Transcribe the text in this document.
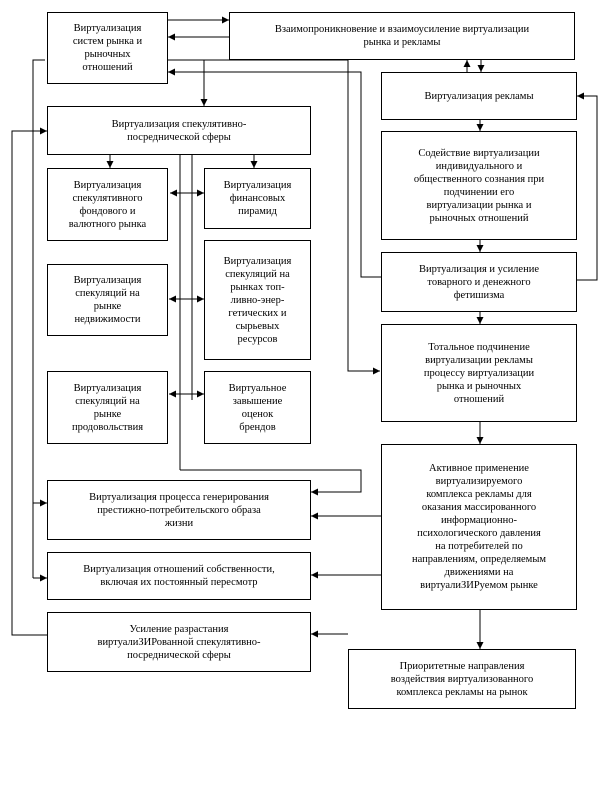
Виртуализация
систем рынка и
рыночных
отношений
Взаимопроникновение и взаимоусиление виртуализации
рынка и рекламы
Виртуализация рекламы
Содействие виртуализации
индивидуального и
общественного сознания при
подчинении его
виртуализации рынка и
рыночных отношений
Виртуализация и усиление
товарного и денежного
фетишизма
Тотальное подчинение
виртуализации рекламы
процессу виртуализации
рынка и рыночных
отношений
Активное применение
виртуализируемого
комплекса рекламы для
оказания массированного
информационно-
психологического давления
на потребителей по
направлениям, определяемым
движениями на
виртуалиЗИРуемом рынке
Приоритетные направления
воздействия виртуализованного
комплекса рекламы на рынок
Виртуализация спекулятивно-
посреднической сферы
Виртуализация
спекулятивного
фондового и
валютного рынка
Виртуализация
финансовых
пирамид
Виртуализация
спекуляций на
рынке
недвижимости
Виртуализация
спекуляций на
рынках топ-
ливно-энер-
гетических и
сырьевых
ресурсов
Виртуализация
спекуляций на
рынке
продовольствия
Виртуальное
завышение
оценок
брендов
Виртуализация процесса генерирования
престижно-потребительского образа
жизни
Виртуализация отношений собственности,
включая их постоянный пересмотр
Усиление разрастания
виртуалиЗИРованной спекулятивно-
посреднической сферы
